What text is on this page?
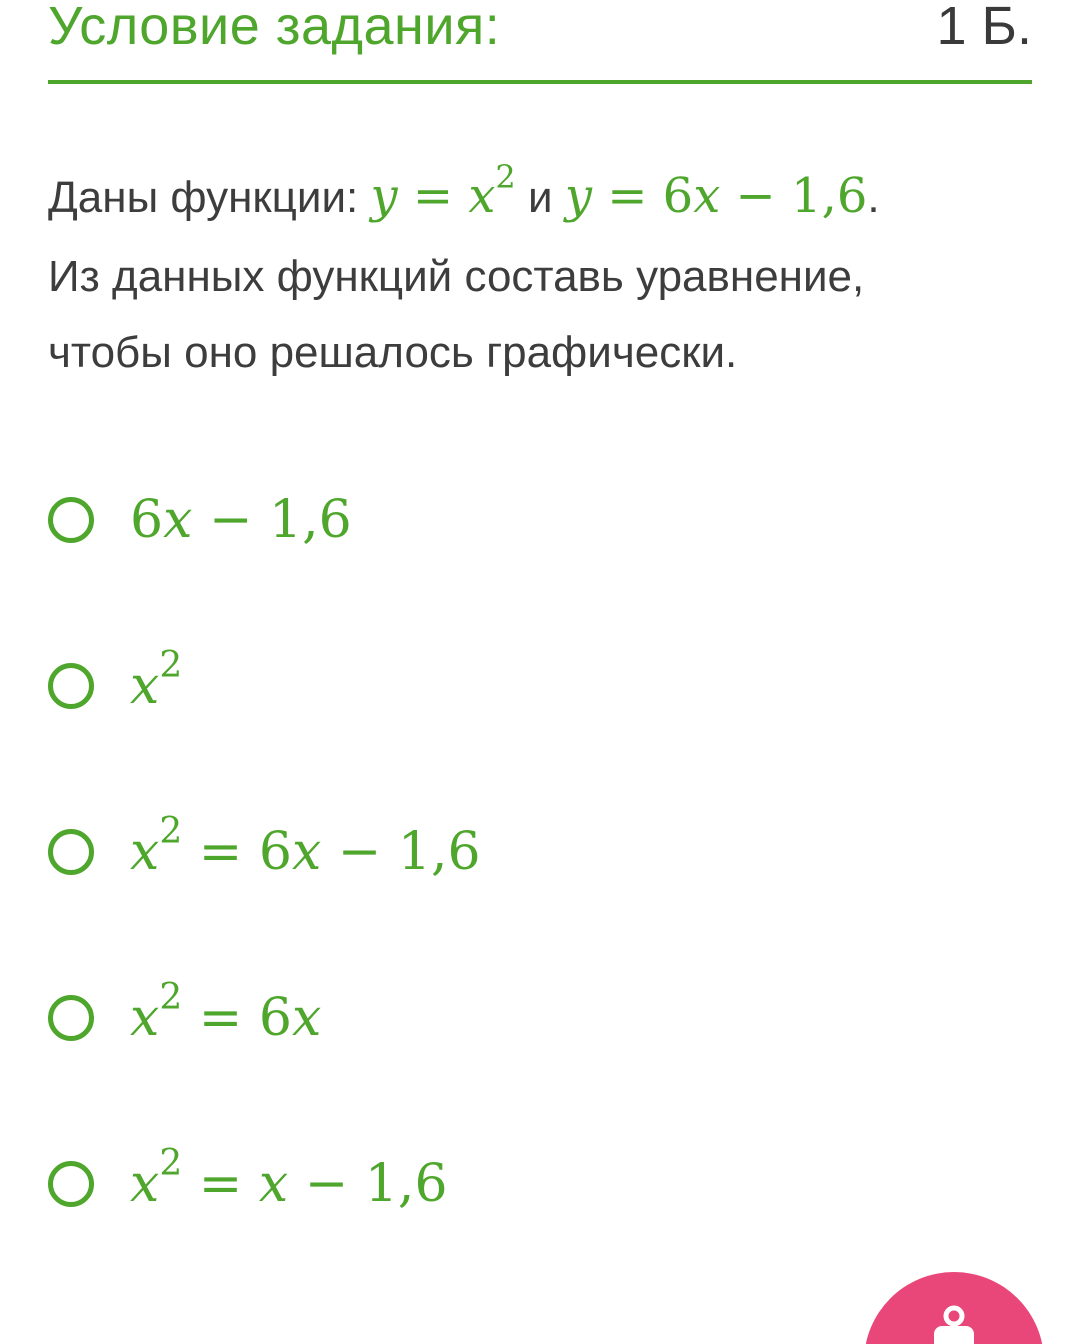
Условие задания:	1 Б.
Даны функции: $y = x^2$ и y = 6x − 1,6.
Из данных функций составь уравнение,
чтобы оно решалось графически.
6x − 1,6
$x^2$
$x^2 = 6x - 1,6$
$x^2 = 6x$
$x^2 = x - 1,6$
